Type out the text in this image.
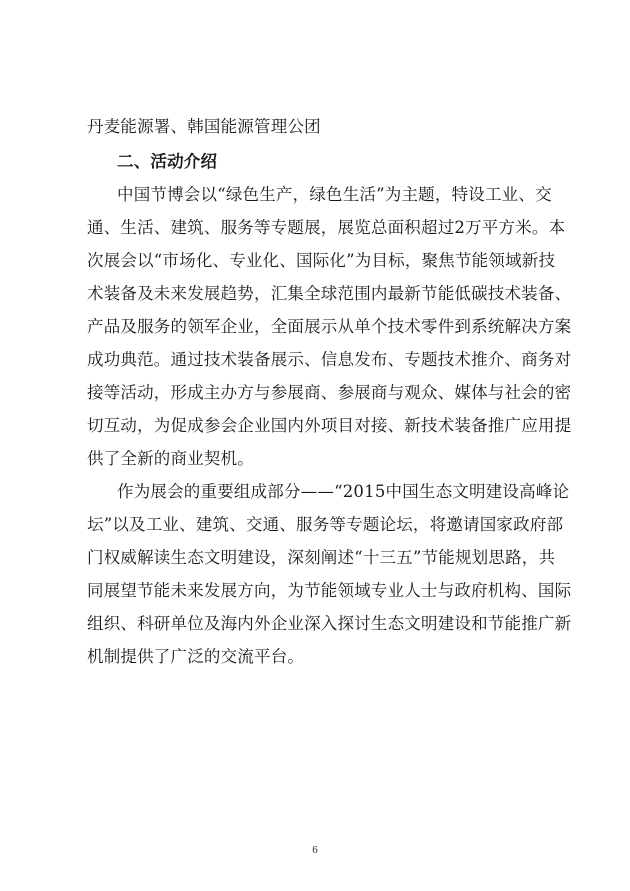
丹麦能源署、韩国能源管理公团
二、活动介绍
中国节博会以“绿色生产，绿色生活”为主题，特设工业、交
通、生活、建筑、服务等专题展，展览总面积超过2万平方米。本
次展会以“市场化、专业化、国际化”为目标，聚焦节能领域新技
术装备及未来发展趋势，汇集全球范围内最新节能低碳技术装备、
产品及服务的领军企业，全面展示从单个技术零件到系统解决方案
成功典范。通过技术装备展示、信息发布、专题技术推介、商务对
接等活动，形成主办方与参展商、参展商与观众、媒体与社会的密
切互动，为促成参会企业国内外项目对接、新技术装备推广应用提
供了全新的商业契机。
作为展会的重要组成部分——“2015中国生态文明建设高峰论
坛”以及工业、建筑、交通、服务等专题论坛，将邀请国家政府部
门权威解读生态文明建设，深刻阐述“十三五”节能规划思路，共
同展望节能未来发展方向，为节能领域专业人士与政府机构、国际
组织、科研单位及海内外企业深入探讨生态文明建设和节能推广新
机制提供了广泛的交流平台。
6
